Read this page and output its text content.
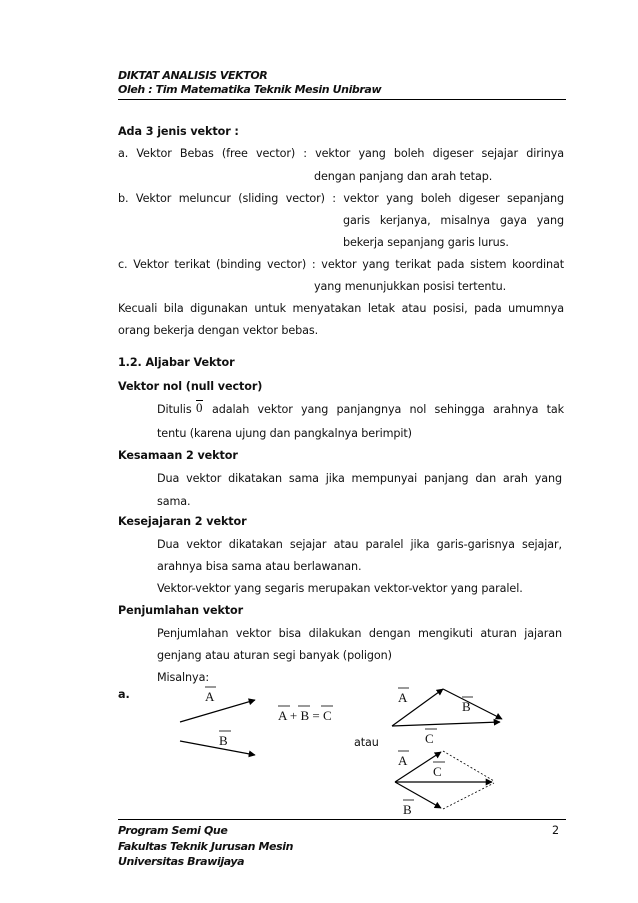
DIKTAT ANALISIS VEKTOR
Oleh : Tim Matematika Teknik Mesin Unibraw
Ada 3 jenis vektor :
a. Vektor Bebas (free vector) : vektor yang boleh digeser sejajar dirinya
dengan panjang dan arah tetap.
b. Vektor meluncur (sliding vector) : vektor yang boleh digeser sepanjang
garis kerjanya, misalnya gaya yang
bekerja sepanjang garis lurus.
c. Vektor terikat (binding vector) : vektor yang terikat pada sistem koordinat
yang menunjukkan posisi tertentu.
Kecuali bila digunakan untuk menyatakan letak atau posisi, pada umumnya
orang bekerja dengan vektor bebas.
1.2. Aljabar Vektor
Vektor nol (null vector)
Ditulis 0 adalah vektor yang panjangnya nol sehingga arahnya tak
tentu (karena ujung dan pangkalnya berimpit)
Kesamaan 2 vektor
Dua vektor dikatakan sama jika mempunyai panjang dan arah yang
sama.
Kesejajaran 2 vektor
Dua vektor dikatakan sejajar atau paralel jika garis-garisnya sejajar,
arahnya bisa sama atau berlawanan.
Vektor-vektor yang segaris merupakan vektor-vektor yang paralel.
Penjumlahan vektor
Penjumlahan vektor bisa dilakukan dengan mengikuti aturan jajaran
genjang atau aturan segi banyak (poligon)
Misalnya:
a.	A
B
A + B = C
atau
A
B
C
A
C
B
Program Semi Que
Fakultas Teknik Jurusan Mesin
Universitas Brawijaya
2
